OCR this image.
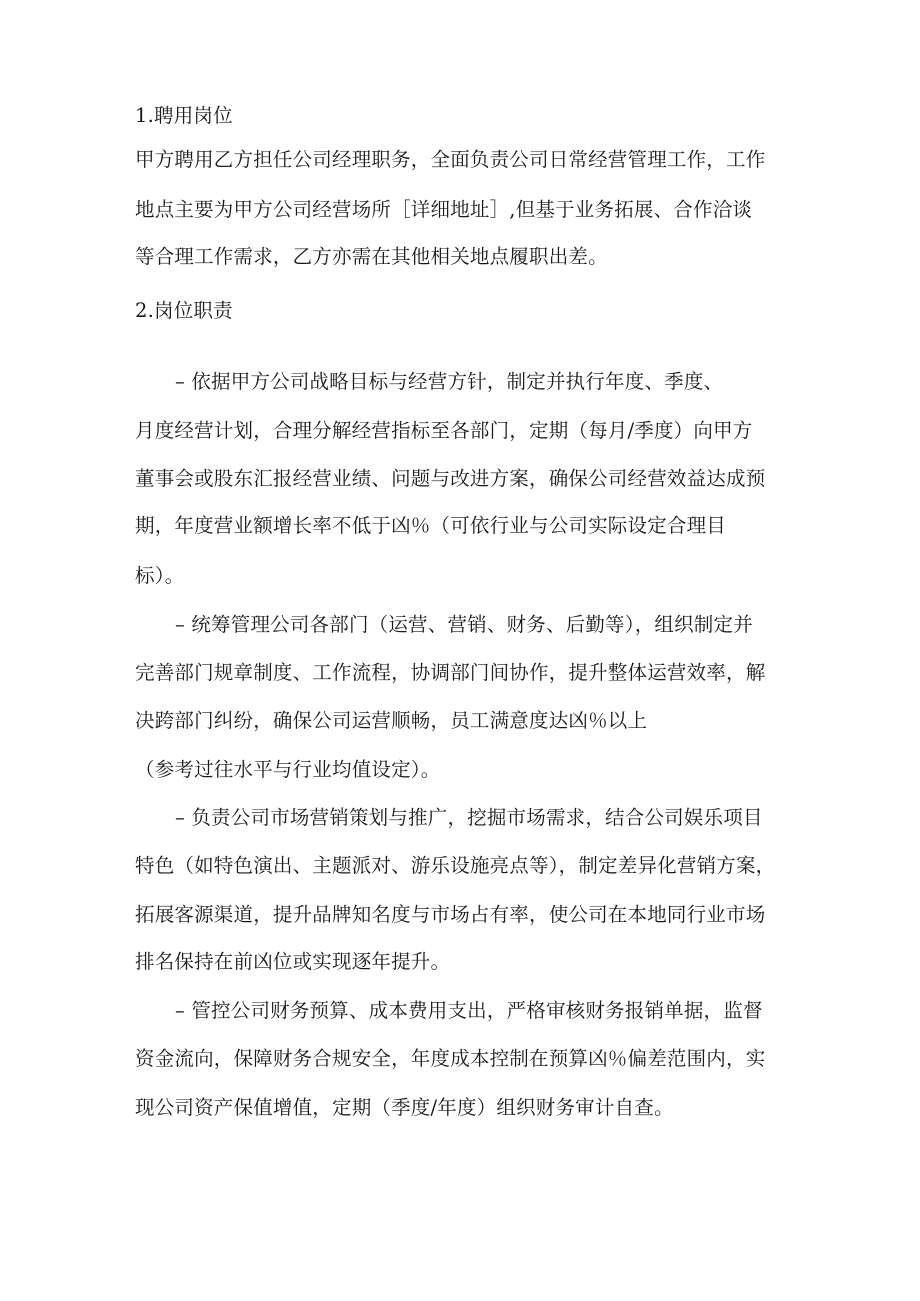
1.聘用岗位
甲方聘用乙方担任公司经理职务，全面负责公司日常经营管理工作，工作
地点主要为甲方公司经营场所［详细地址］,但基于业务拓展、合作洽谈
等合理工作需求，乙方亦需在其他相关地点履职出差。
2.岗位职责
– 依据甲方公司战略目标与经营方针，制定并执行年度、季度、
月度经营计划，合理分解经营指标至各部门，定期（每月/季度）向甲方
董事会或股东汇报经营业绩、问题与改进方案，确保公司经营效益达成预
期，年度营业额增长率不低于凶％（可依行业与公司实际设定合理目
标）。
– 统筹管理公司各部门（运营、营销、财务、后勤等），组织制定并
完善部门规章制度、工作流程，协调部门间协作，提升整体运营效率，解
决跨部门纠纷，确保公司运营顺畅，员工满意度达凶％以上
（参考过往水平与行业均值设定）。
– 负责公司市场营销策划与推广，挖掘市场需求，结合公司娱乐项目
特色（如特色演出、主题派对、游乐设施亮点等），制定差异化营销方案，
拓展客源渠道，提升品牌知名度与市场占有率，使公司在本地同行业市场
排名保持在前凶位或实现逐年提升。
– 管控公司财务预算、成本费用支出，严格审核财务报销单据，监督
资金流向，保障财务合规安全，年度成本控制在预算凶％偏差范围内，实
现公司资产保值增值，定期（季度/年度）组织财务审计自查。
